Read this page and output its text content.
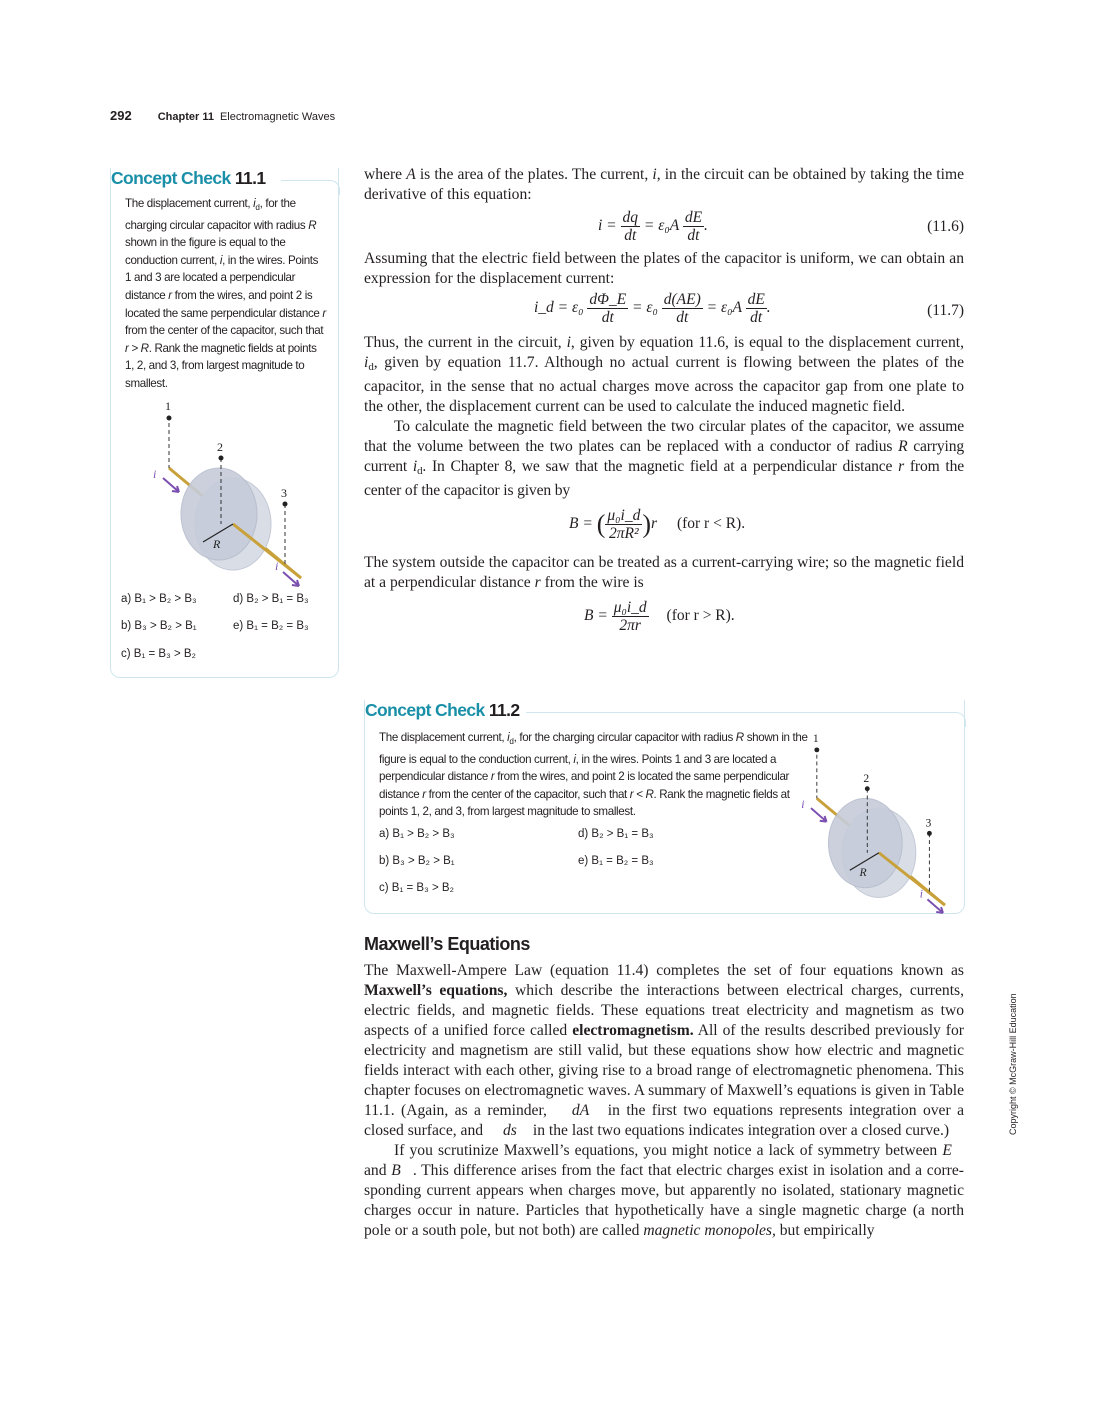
292 Chapter 11 Electromagnetic Waves
Concept Check 11.1
The displacement current, $i_d$, for the charging circular capacitor with radius R shown in the figure is equal to the conduction current, i, in the wires. Points 1 and 3 are located a perpendicular distance r from the wires, and point 2 is located the same perpendicular distance r from the center of the capacitor, such that r > R. Rank the magnetic fields at points 1, 2, and 3, from largest magnitude to smallest.
1
2
3
R
i
i
a) B₁ > B₂ > B₃
b) B₃ > B₂ > B₁
c) B₁ = B₃ > B₂
d) B₂ > B₁ = B₃
e) B₁ = B₂ = B₃

where A is the area of the plates. The current, i, in the circuit can be obtained by taking the time derivative of this equation:

$i = \frac{dq}{dt} = \varepsilon_0A \frac{dE}{dt}$ .	(11.6)

Assuming that the electric field between the plates of the capacitor is uniform, we can obtain an expression for the displacement current:

i_d = $\varepsilon_0 \frac{d\Phi\_E}{dt} = \varepsilon_0 \frac{d(AE)}{dt} = \varepsilon_0A \frac{dE}{dt}$ .	(11.7)

Thus, the current in the circuit, i, given by equation 11.6, is equal to the displacement current, $i_d$, given by equation 11.7. Although no actual current is flowing between the plates of the capacitor, in the sense that no actual charges move across the capacitor gap from one plate to the other, the displacement current can be used to calculate the induced magnetic field.

To calculate the magnetic field between the two circular plates of the capacitor, we assume that the volume between the two plates can be replaced with a conductor of radius R carrying current $i_d$. In Chapter 8, we saw that the magnetic field at a perpendicular distance r from the center of the capacitor is given by

B = ( $\frac{\text{μ₀i\_d}}{\text{2πR²}} )r$ (for r < R).

The system outside the capacitor can be treated as a current-carrying wire; so the magnetic field at a perpendicular distance r from the wire is

$B = \frac{\text{μ₀i\_d}}{2\pi r} (for$ r > R).
Concept Check 11.2
The displacement current, $i_d$, for the charging circular capacitor with radius R shown in the figure is equal to the conduction current, i, in the wires. Points 1 and 3 are located a perpendicular distance r from the wires, and point 2 is located the same perpendicular distance r from the center of the capacitor, such that r < R. Rank the magnetic fields at points 1, 2, and 3, from largest magnitude to smallest.
1
2
3
R
i
i
a) B₁ > B₂ > B₃
b) B₃ > B₂ > B₁
c) B₁ = B₃ > B₂
d) B₂ > B₁ = B₃
e) B₁ = B₂ = B₃
Maxwell’s Equations

The Maxwell-Ampere Law (equation 11.4) completes the set of four equations known as Maxwell’s equations, which describe the interactions between electrical charges, currents, electric fields, and magnetic fields. These equations treat electricity and magnetism as two aspects of a unified force called electromagnetism. All of the results described previously for electricity and magnetism are still valid, but these equations show how electric and magnetic fields interact with each other, giving rise to a broad range of electromagnetic phenomena. This chapter focuses on electromagnetic waves. A summary of Maxwell’s equations is given in Table 11.1. (Again, as a reminder, ∯ dA⃗ in the first two equations represents integration over a closed surface, and ∮ ds⃗ in the last two equations indicates integration over a closed curve.)

If you scrutinize Maxwell’s equations, you might notice a lack of symmetry between E⃗ and B⃗. This difference arises from the fact that electric charges exist in isolation and a corresponding current appears when charges move, but apparently no isolated, stationary magnetic charges occur in nature. Particles that hypothetically have a single magnetic charge (a north pole or a south pole, but not both) are called magnetic monopoles, but empirically

Copyright © McGraw-Hill Education
